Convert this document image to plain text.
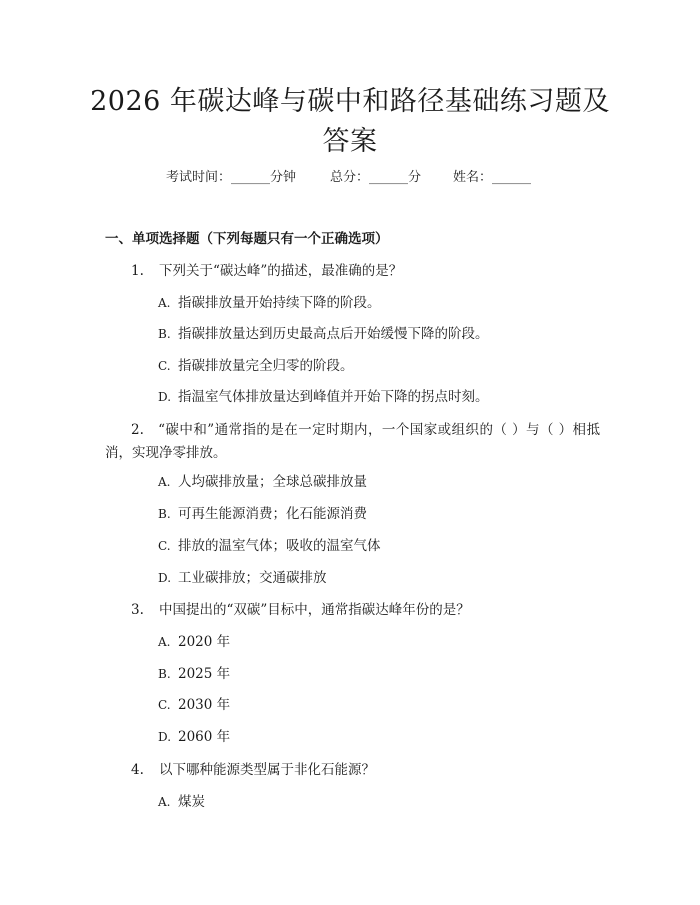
2026 年碳达峰与碳中和路径基础练习题及答案
考试时间：______分钟	总分：______分 姓名：______
一、单项选择题（下列每题只有一个正确选项）
1. 下列关于“碳达峰”的描述，最准确的是？
A. 指碳排放量开始持续下降的阶段。
B. 指碳排放量达到历史最高点后开始缓慢下降的阶段。
C. 指碳排放量完全归零的阶段。
D. 指温室气体排放量达到峰值并开始下降的拐点时刻。
2. “碳中和”通常指的是在一定时期内，一个国家或组织的（ ）与（ ）相抵消，实现净零排放。
A. 人均碳排放量；全球总碳排放量
B. 可再生能源消费；化石能源消费
C. 排放的温室气体；吸收的温室气体
D. 工业碳排放；交通碳排放
3. 中国提出的“双碳”目标中，通常指碳达峰年份的是？
A. 2020 年
B. 2025 年
C. 2030 年
D. 2060 年
4. 以下哪种能源类型属于非化石能源？
A. 煤炭
